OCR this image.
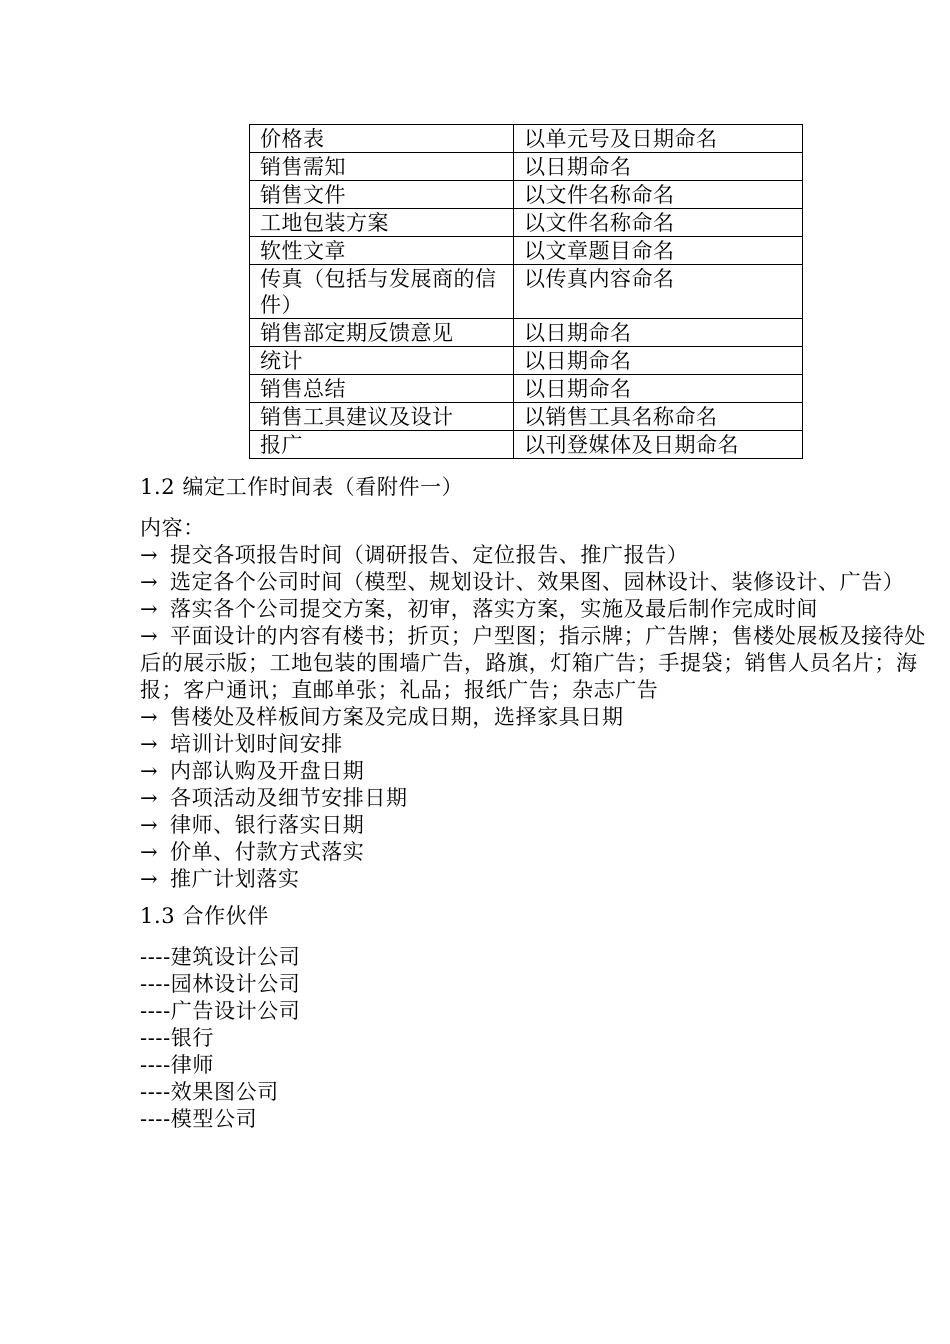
价格表	以单元号及日期命名
销售需知	以日期命名
销售文件	以文件名称命名
工地包装方案	以文件名称命名
软性文章	以文章题目命名
传真（包括与发展商的信件）	以传真内容命名
销售部定期反馈意见	以日期命名
统计	以日期命名
销售总结	以日期命名
销售工具建议及设计	以销售工具名称命名
报广	以刊登媒体及日期命名

1.2 编定工作时间表（看附件一）

内容：

→ 提交各项报告时间（调研报告、定位报告、推广报告）

→ 选定各个公司时间（模型、规划设计、效果图、园林设计、装修设计、广告）

→ 落实各个公司提交方案，初审，落实方案，实施及最后制作完成时间

→ 平面设计的内容有楼书；折页；户型图；指示牌；广告牌；售楼处展板及接待处后的展示版；工地包装的围墙广告，路旗，灯箱广告；手提袋；销售人员名片；海报；客户通讯；直邮单张；礼品；报纸广告；杂志广告

→ 售楼处及样板间方案及完成日期，选择家具日期

→ 培训计划时间安排

→ 内部认购及开盘日期

→ 各项活动及细节安排日期

→ 律师、银行落实日期

→ 价单、付款方式落实

→ 推广计划落实

1.3 合作伙伴

----建筑设计公司

----园林设计公司

----广告设计公司

----银行

----律师

----效果图公司

----模型公司
